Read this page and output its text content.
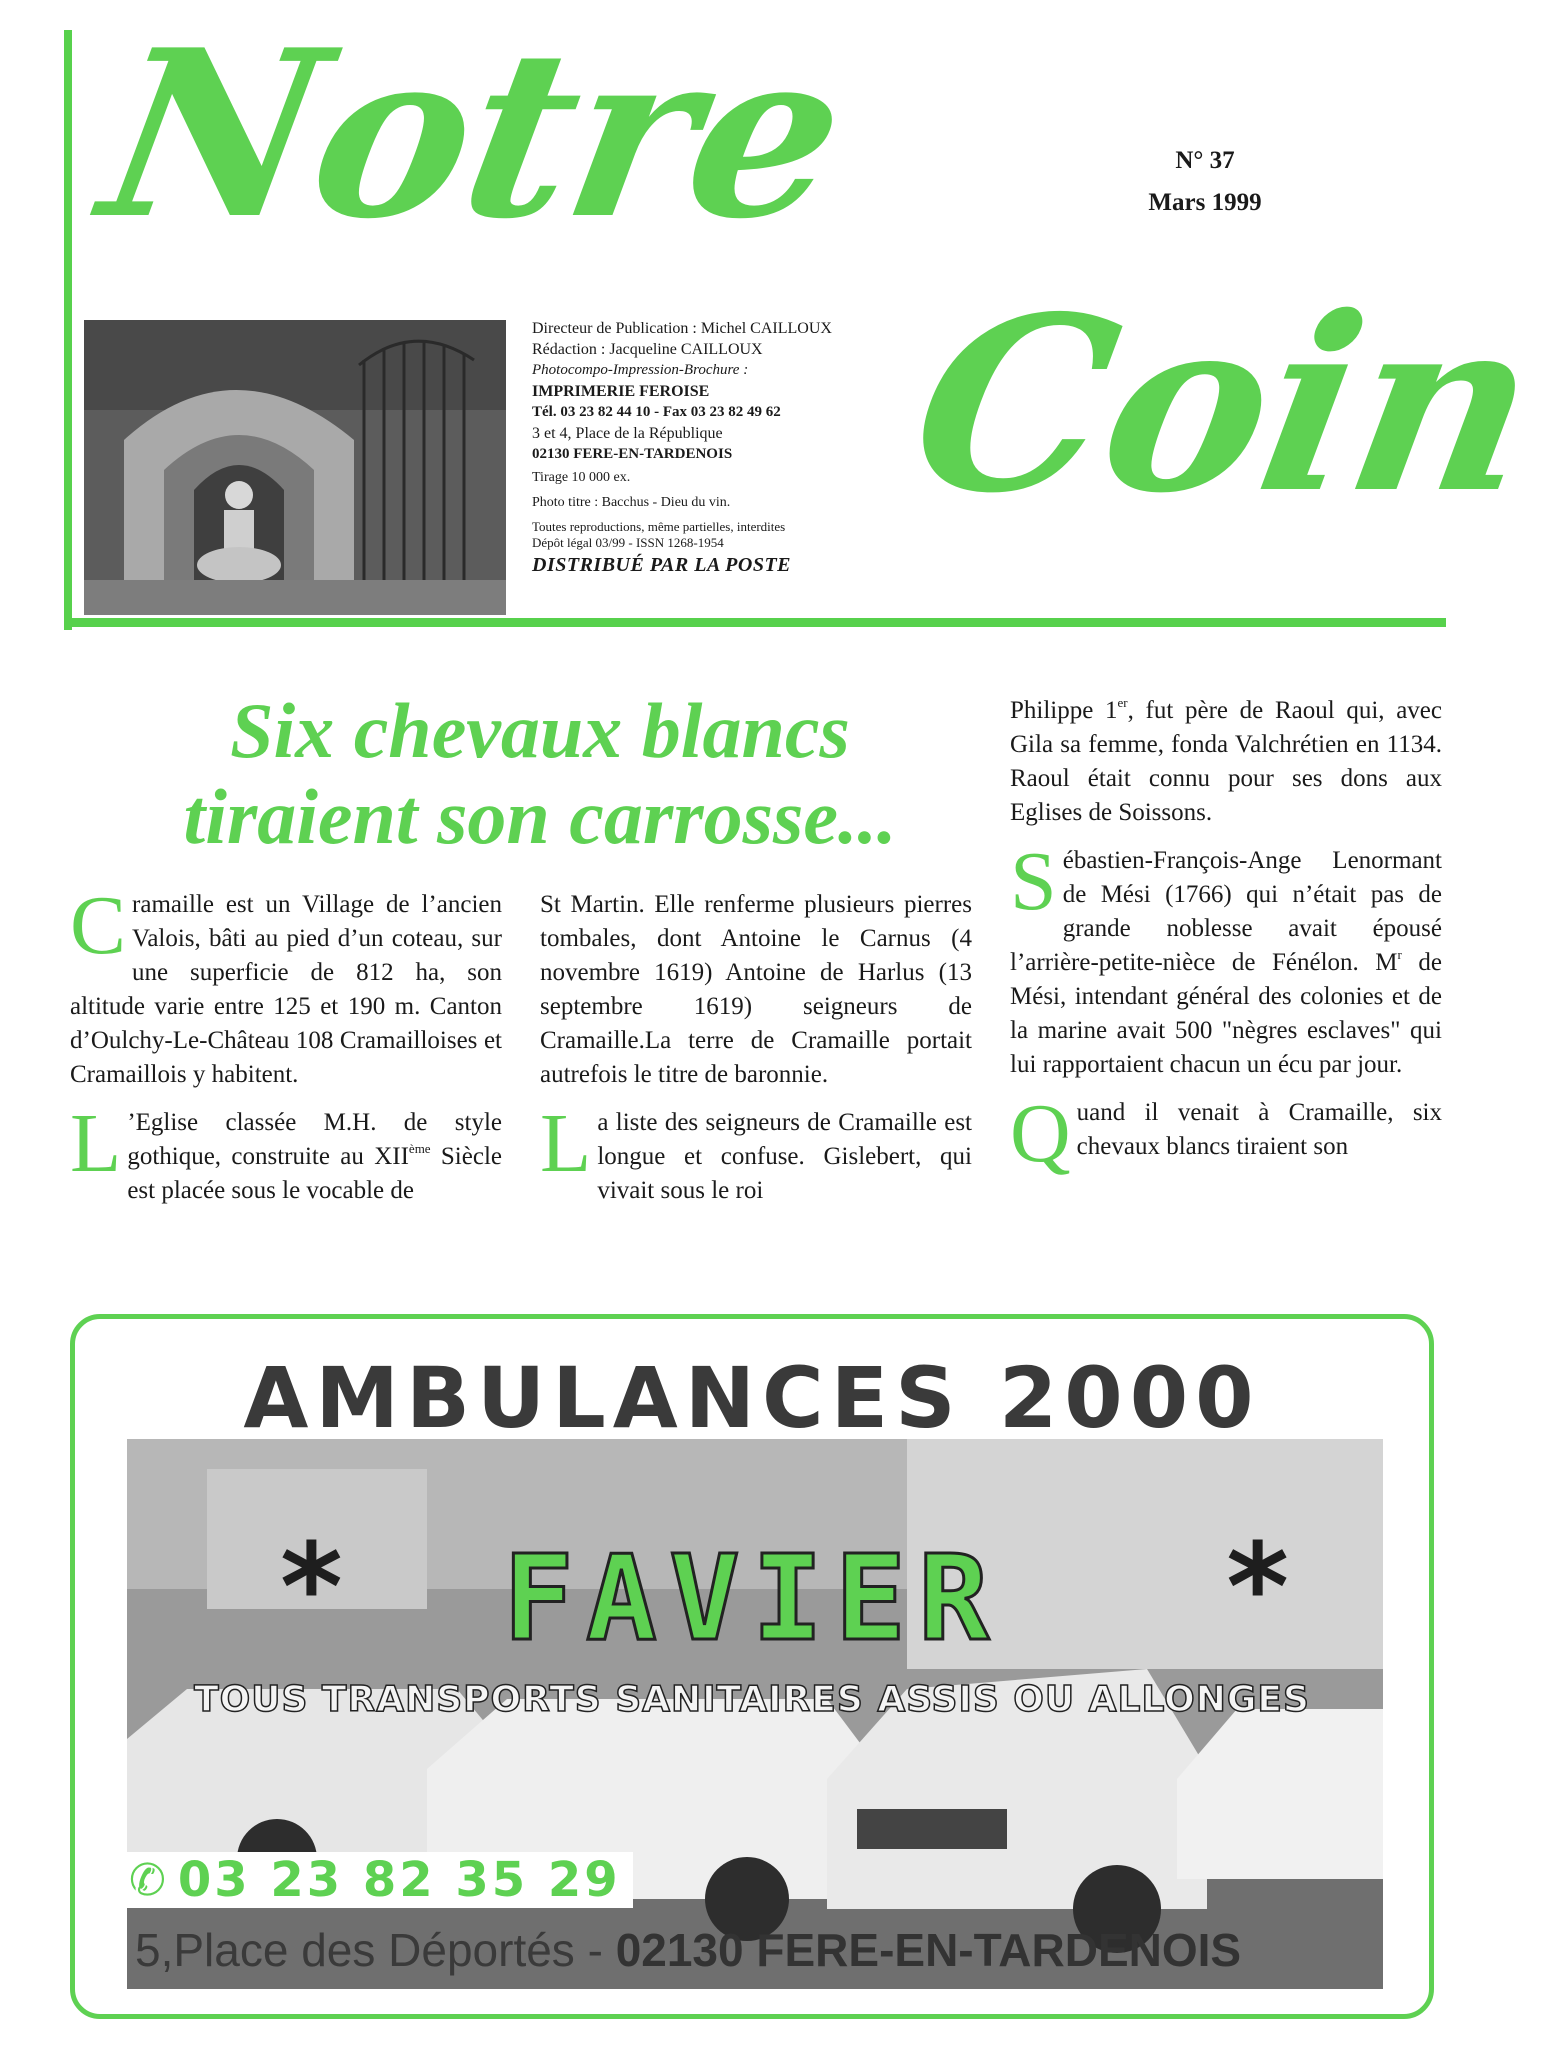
Notre
Coin
N° 37
Mars 1999
Directeur de Publication : Michel CAILLOUX
Rédaction : Jacqueline CAILLOUX
Photocompo-Impression-Brochure :
IMPRIMERIE FEROISE
Tél. 03 23 82 44 10 - Fax 03 23 82 49 62
3 et 4, Place de la République
02130 FERE-EN-TARDENOIS
Tirage 10 000 ex.
Photo titre : Bacchus - Dieu du vin.
Toutes reproductions, même partielles, interdites
Dépôt légal 03/99 - ISSN 1268-1954
DISTRIBUÉ PAR LA POSTE
Six chevaux blancs
tiraient son carrosse...

Cramaille est un Village de l’ancien Valois, bâti au pied d’un coteau, sur une superficie de 812 ha, son altitude varie entre 125 et 190 m. Canton d’Oulchy-Le-Château 108 Cramailloises et Cramaillois y habitent.

L ’Eglise classée M.H. de style gothique, construite au XIIème Siècle est placée sous le vocable de

St Martin. Elle renferme plusieurs pierres tombales, dont Antoine le Carnus (4 novembre 1619) Antoine de Harlus (13 septembre 1619) seigneurs de Cramaille.La terre de Cramaille portait autrefois le titre de baronnie.

La liste des seigneurs de Cramaille est longue et confuse. Gislebert, qui vivait sous le roi

Philippe 1er, fut père de Raoul qui, avec Gila sa femme, fonda Valchrétien en 1134. Raoul était connu pour ses dons aux Eglises de Soissons.

Sébastien-François-Ange Lenormant de Mési (1766) qui n’était pas de grande noblesse avait épousé l’arrière-petite-nièce de Fénélon. $M^r$ de Mési, intendant général des colonies et de la marine avait 500 "nègres esclaves" qui lui rapportaient chacun un écu par jour.

Quand il venait à Cramaille, six chevaux blancs tiraient son

AMBULANCES 2000
*	FAVIER	*
TOUS TRANSPORTS SANITAIRES ASSIS OU ALLONGES
✆ 03 23 82 35 29
5,Place des Déportés - 02130 FERE-EN-TARDENOIS
